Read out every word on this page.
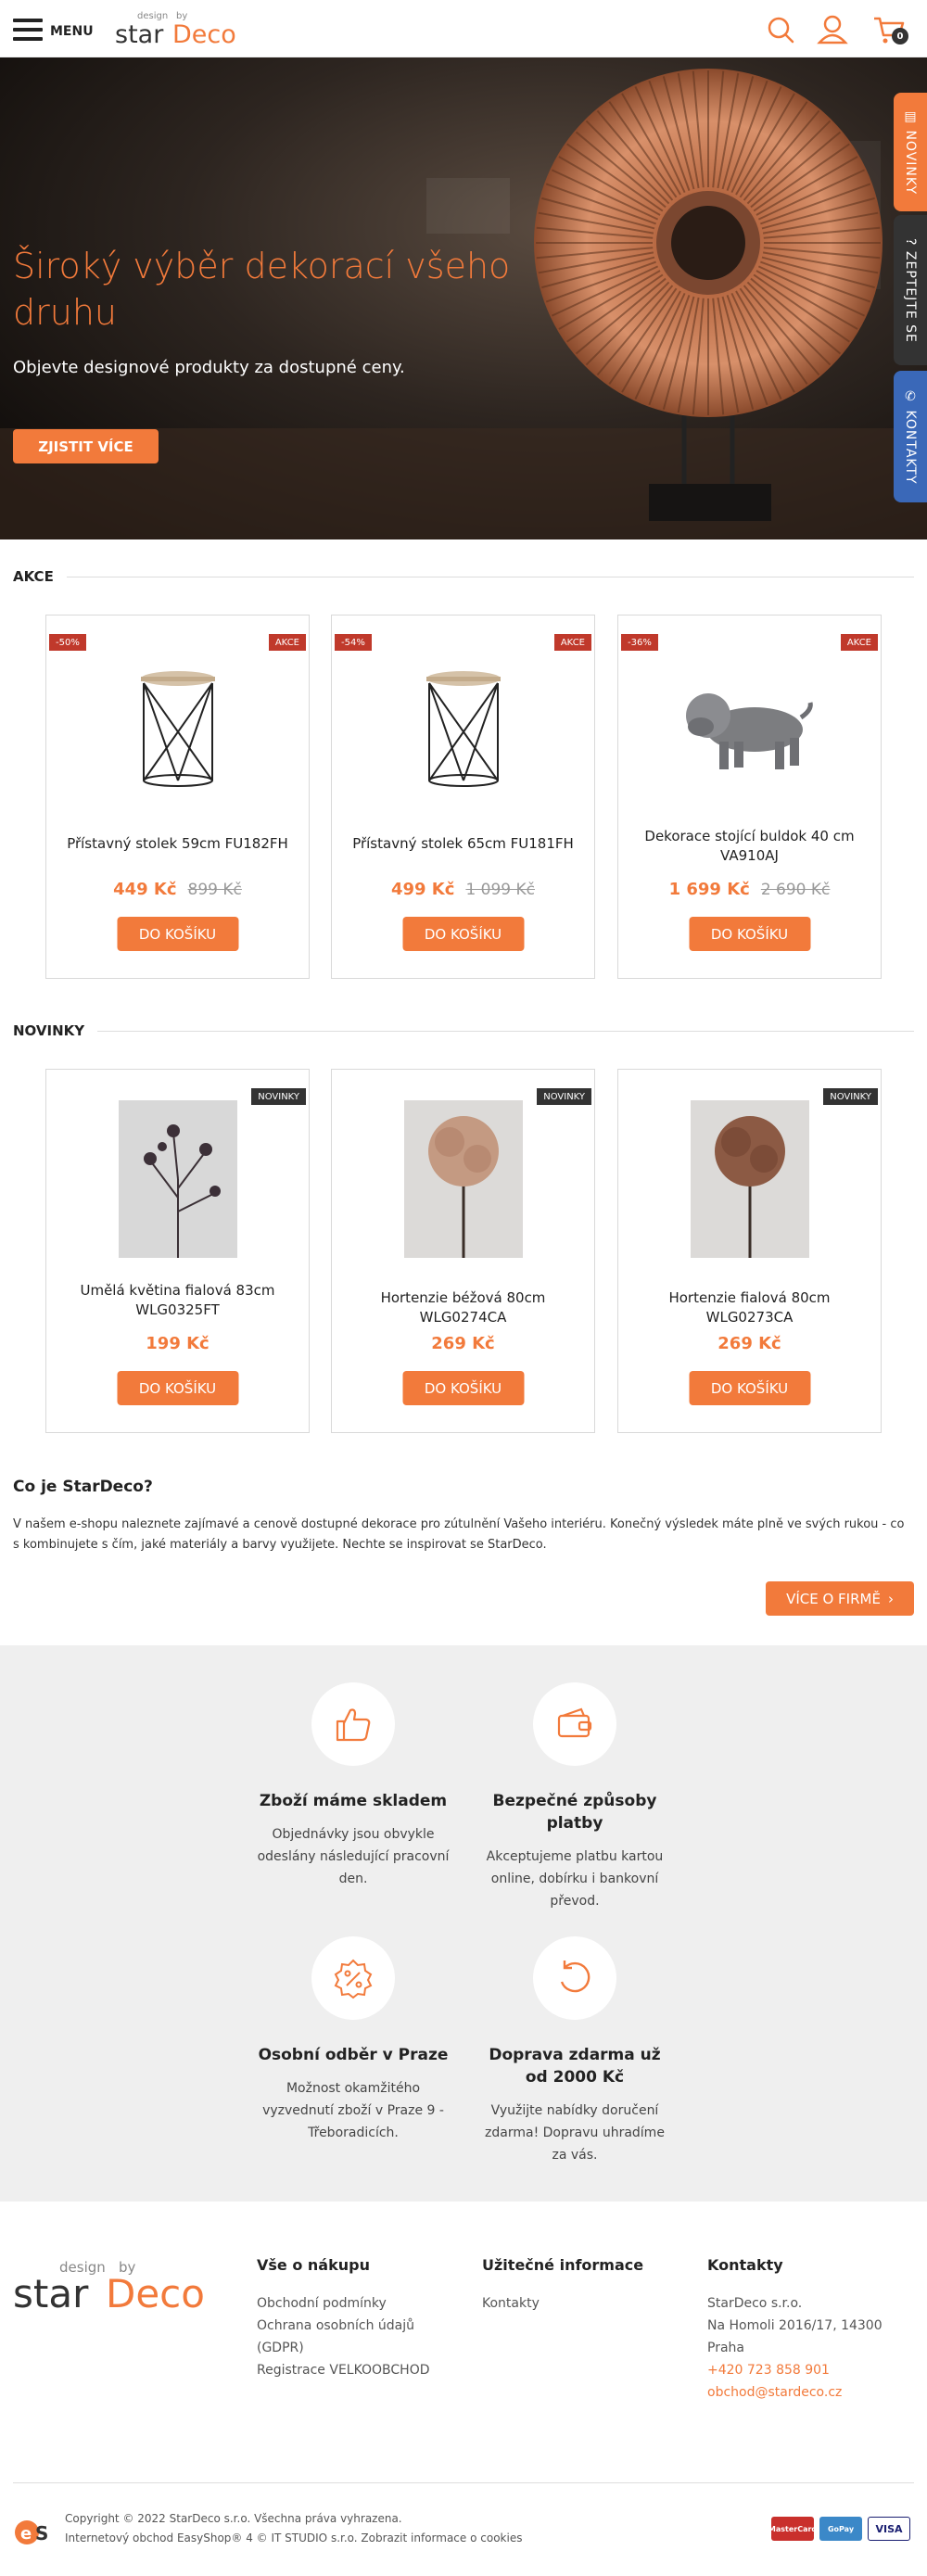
MENU
design by
star Deco	0
Široký výběr dekorací všeho druhu
Objevte designové produkty za dostupné ceny.
ZJISTIT VÍCE
▤ NOVINKY
? ZEPTEJTE SE
✆ KONTAKTY
AKCE
-50%	AKCE
Přístavný stolek 59cm FU182FH
449 Kč 899 Kč
DO KOŠÍKU
-54%	AKCE
Přístavný stolek 65cm FU181FH
499 Kč 1 099 Kč
DO KOŠÍKU
-36%	AKCE
Dekorace stojící buldok 40 cm VA910AJ
1 699 Kč 2 690 Kč
DO KOŠÍKU
NOVINKY
NOVINKY
Umělá květina fialová 83cm WLG0325FT
199 Kč
DO KOŠÍKU
NOVINKY
Hortenzie béžová 80cm WLG0274CA
269 Kč
DO KOŠÍKU
NOVINKY
Hortenzie fialová 80cm WLG0273CA
269 Kč
DO KOŠÍKU
Co je StarDeco?
V našem e-shopu naleznete zajímavé a cenově dostupné dekorace pro zútulnění Vašeho interiéru. Konečný výsledek máte plně ve svých rukou - co s kombinujete s čím, jaké materiály a barvy využijete. Nechte se inspirovat se StarDeco.
VÍCE O FIRMĚ ›
Zboží máme skladem

Objednávky jsou obvykle odeslány následující pracovní den.

Bezpečné způsoby platby

Akceptujeme platbu kartou online, dobírku i bankovní převod.

Osobní odběr v Praze

Možnost okamžitého vyzvednutí zboží v Praze 9 - Třeboradicích.

Doprava zdarma už od 2000 Kč

Využijte nabídky doručení zdarma! Dopravu uhradíme za vás.

design by
star Deco
Vše o nákupu
Obchodní podmínky
Ochrana osobních údajů (GDPR)
Registrace VELKOOBCHOD
Užitečné informace
Kontakty
Kontakty
StarDeco s.r.o.
Na Homoli 2016/17, 14300 Praha
+420 723 858 901
obchod@stardeco.cz
e S
Copyright © 2022 StarDeco s.r.o. Všechna práva vyhrazena.
Internetový obchod EasyShop® 4 © IT STUDIO s.r.o. Zobrazit informace o cookies
MasterCard	GoPay	VISA
